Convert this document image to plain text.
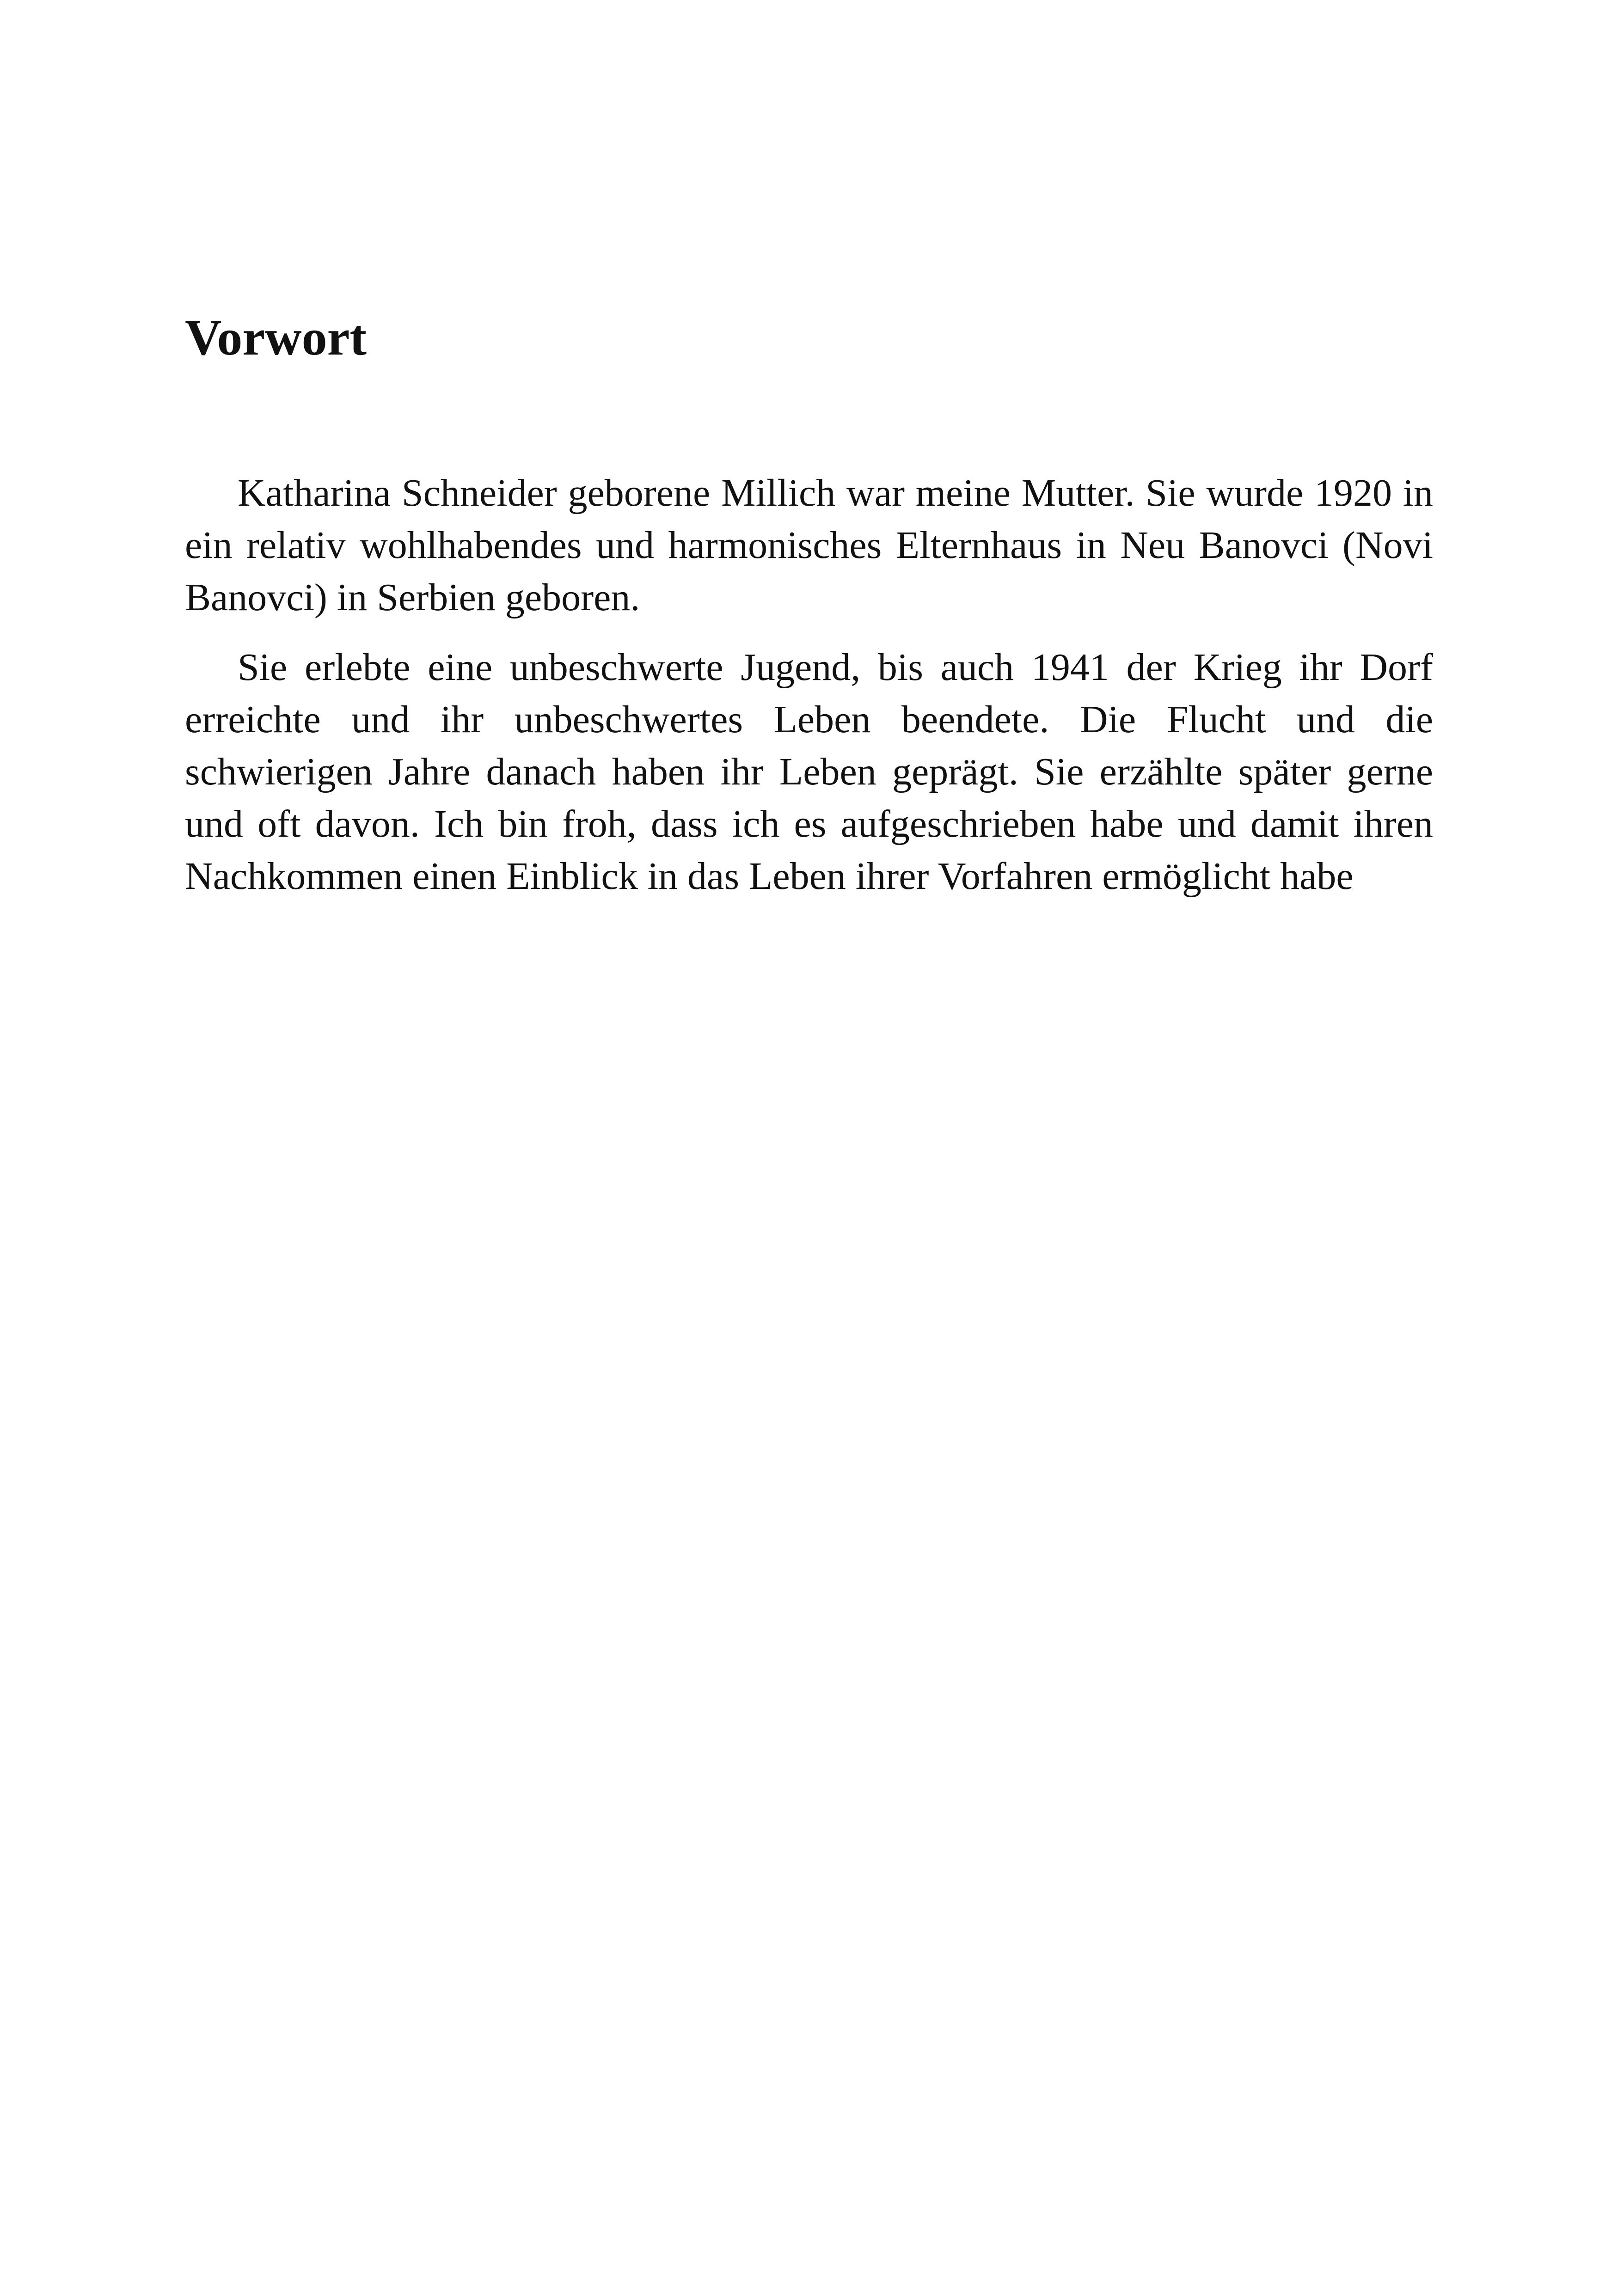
Vorwort

Katharina Schneider geborene Millich war meine Mutter. Sie wurde 1920 in ein relativ wohlhabendes und harmonisches Elternhaus in Neu Banovci (Novi Banovci) in Serbien geboren.

Sie erlebte eine unbeschwerte Jugend, bis auch 1941 der Krieg ihr Dorf erreichte und ihr unbeschwertes Leben beendete. Die Flucht und die schwierigen Jahre danach haben ihr Leben geprägt. Sie erzählte später gerne und oft davon. Ich bin froh, dass ich es aufgeschrieben habe und damit ihren Nachkommen einen Einblick in das Leben ihrer Vorfahren ermöglicht habe
